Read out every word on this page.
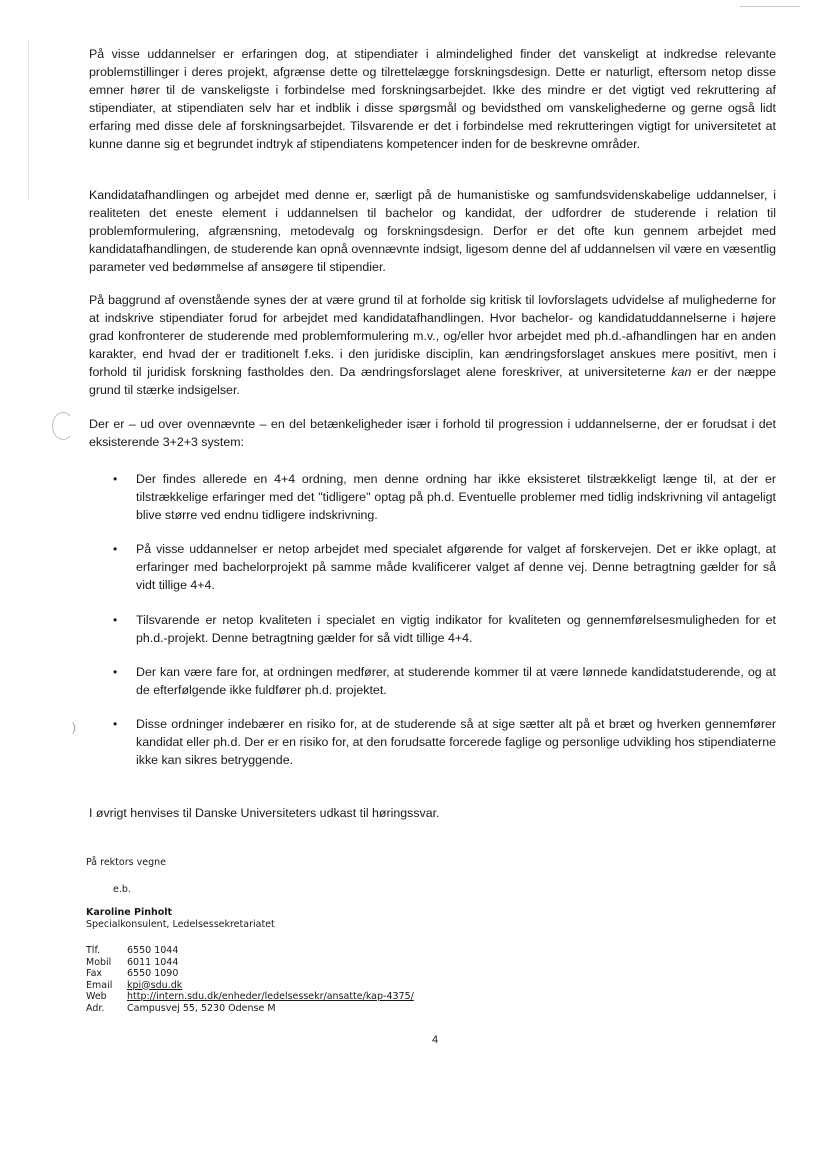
)

På visse uddannelser er erfaringen dog, at stipendiater i almindelighed finder det vanskeligt at indkredse relevante problemstillinger i deres projekt, afgrænse dette og tilrettelægge forskningsdesign. Dette er naturligt, eftersom netop disse emner hører til de vanskeligste i forbindelse med forskningsarbejdet. Ikke des mindre er det vigtigt ved rekruttering af stipendiater, at stipendiaten selv har et indblik i disse spørgsmål og bevidsthed om vanskelighederne og gerne også lidt erfaring med disse dele af forskningsarbejdet. Tilsvarende er det i forbindelse med rekrutteringen vigtigt for universitetet at kunne danne sig et begrundet indtryk af stipendiatens kompetencer inden for de beskrevne områder.

Kandidatafhandlingen og arbejdet med denne er, særligt på de humanistiske og samfundsvidenskabelige uddannelser, i realiteten det eneste element i uddannelsen til bachelor og kandidat, der udfordrer de studerende i relation til problemformulering, afgrænsning, metodevalg og forskningsdesign. Derfor er det ofte kun gennem arbejdet med kandidatafhandlingen, de studerende kan opnå ovennævnte indsigt, ligesom denne del af uddannelsen vil være en væsentlig parameter ved bedømmelse af ansøgere til stipendier.

På baggrund af ovenstående synes der at være grund til at forholde sig kritisk til lovforslagets udvidelse af mulighederne for at indskrive stipendiater forud for arbejdet med kandidatafhandlingen. Hvor bachelor- og kandidatuddannelserne i højere grad konfronterer de studerende med problemformulering m.v., og/eller hvor arbejdet med ph.d.-afhandlingen har en anden karakter, end hvad der er traditionelt f.eks. i den juridiske disciplin, kan ændringsforslaget anskues mere positivt, men i forhold til juridisk forskning fastholdes den. Da ændringsforslaget alene foreskriver, at universiteterne kan er der næppe grund til stærke indsigelser.

Der er – ud over ovennævnte – en del betænkeligheder især i forhold til progression i uddannelserne, der er forudsat i det eksisterende 3+2+3 system:

• Der findes allerede en 4+4 ordning, men denne ordning har ikke eksisteret tilstrækkeligt længe til, at der er tilstrækkelige erfaringer med det "tidligere" optag på ph.d. Eventuelle problemer med tidlig indskrivning vil antageligt blive større ved endnu tidligere indskrivning.
• På visse uddannelser er netop arbejdet med specialet afgørende for valget af forskervejen. Det er ikke oplagt, at erfaringer med bachelorprojekt på samme måde kvalificerer valget af denne vej. Denne betragtning gælder for så vidt tillige 4+4.
• Tilsvarende er netop kvaliteten i specialet en vigtig indikator for kvaliteten og gennemførelsesmuligheden for et ph.d.-projekt. Denne betragtning gælder for så vidt tillige 4+4.
• Der kan være fare for, at ordningen medfører, at studerende kommer til at være lønnede kandidatstuderende, og at de efterfølgende ikke fuldfører ph.d. projektet.
• Disse ordninger indebærer en risiko for, at de studerende så at sige sætter alt på et bræt og hverken gennemfører kandidat eller ph.d. Der er en risiko for, at den forudsatte forcerede faglige og personlige udvikling hos stipendiaterne ikke kan sikres betryggende.

I øvrigt henvises til Danske Universiteters udkast til høringssvar.

På rektors vegne

e.b.

Karoline Pinholt

Specialkonsulent, Ledelsessekretariatet

Tlf.	6550 1044
Mobil	6011 1044
Fax	6550 1090
Email	kpi@sdu.dk
Web	http://intern.sdu.dk/enheder/ledelsessekr/ansatte/kap-4375/
Adr.	Campusvej 55, 5230 Odense M

4
